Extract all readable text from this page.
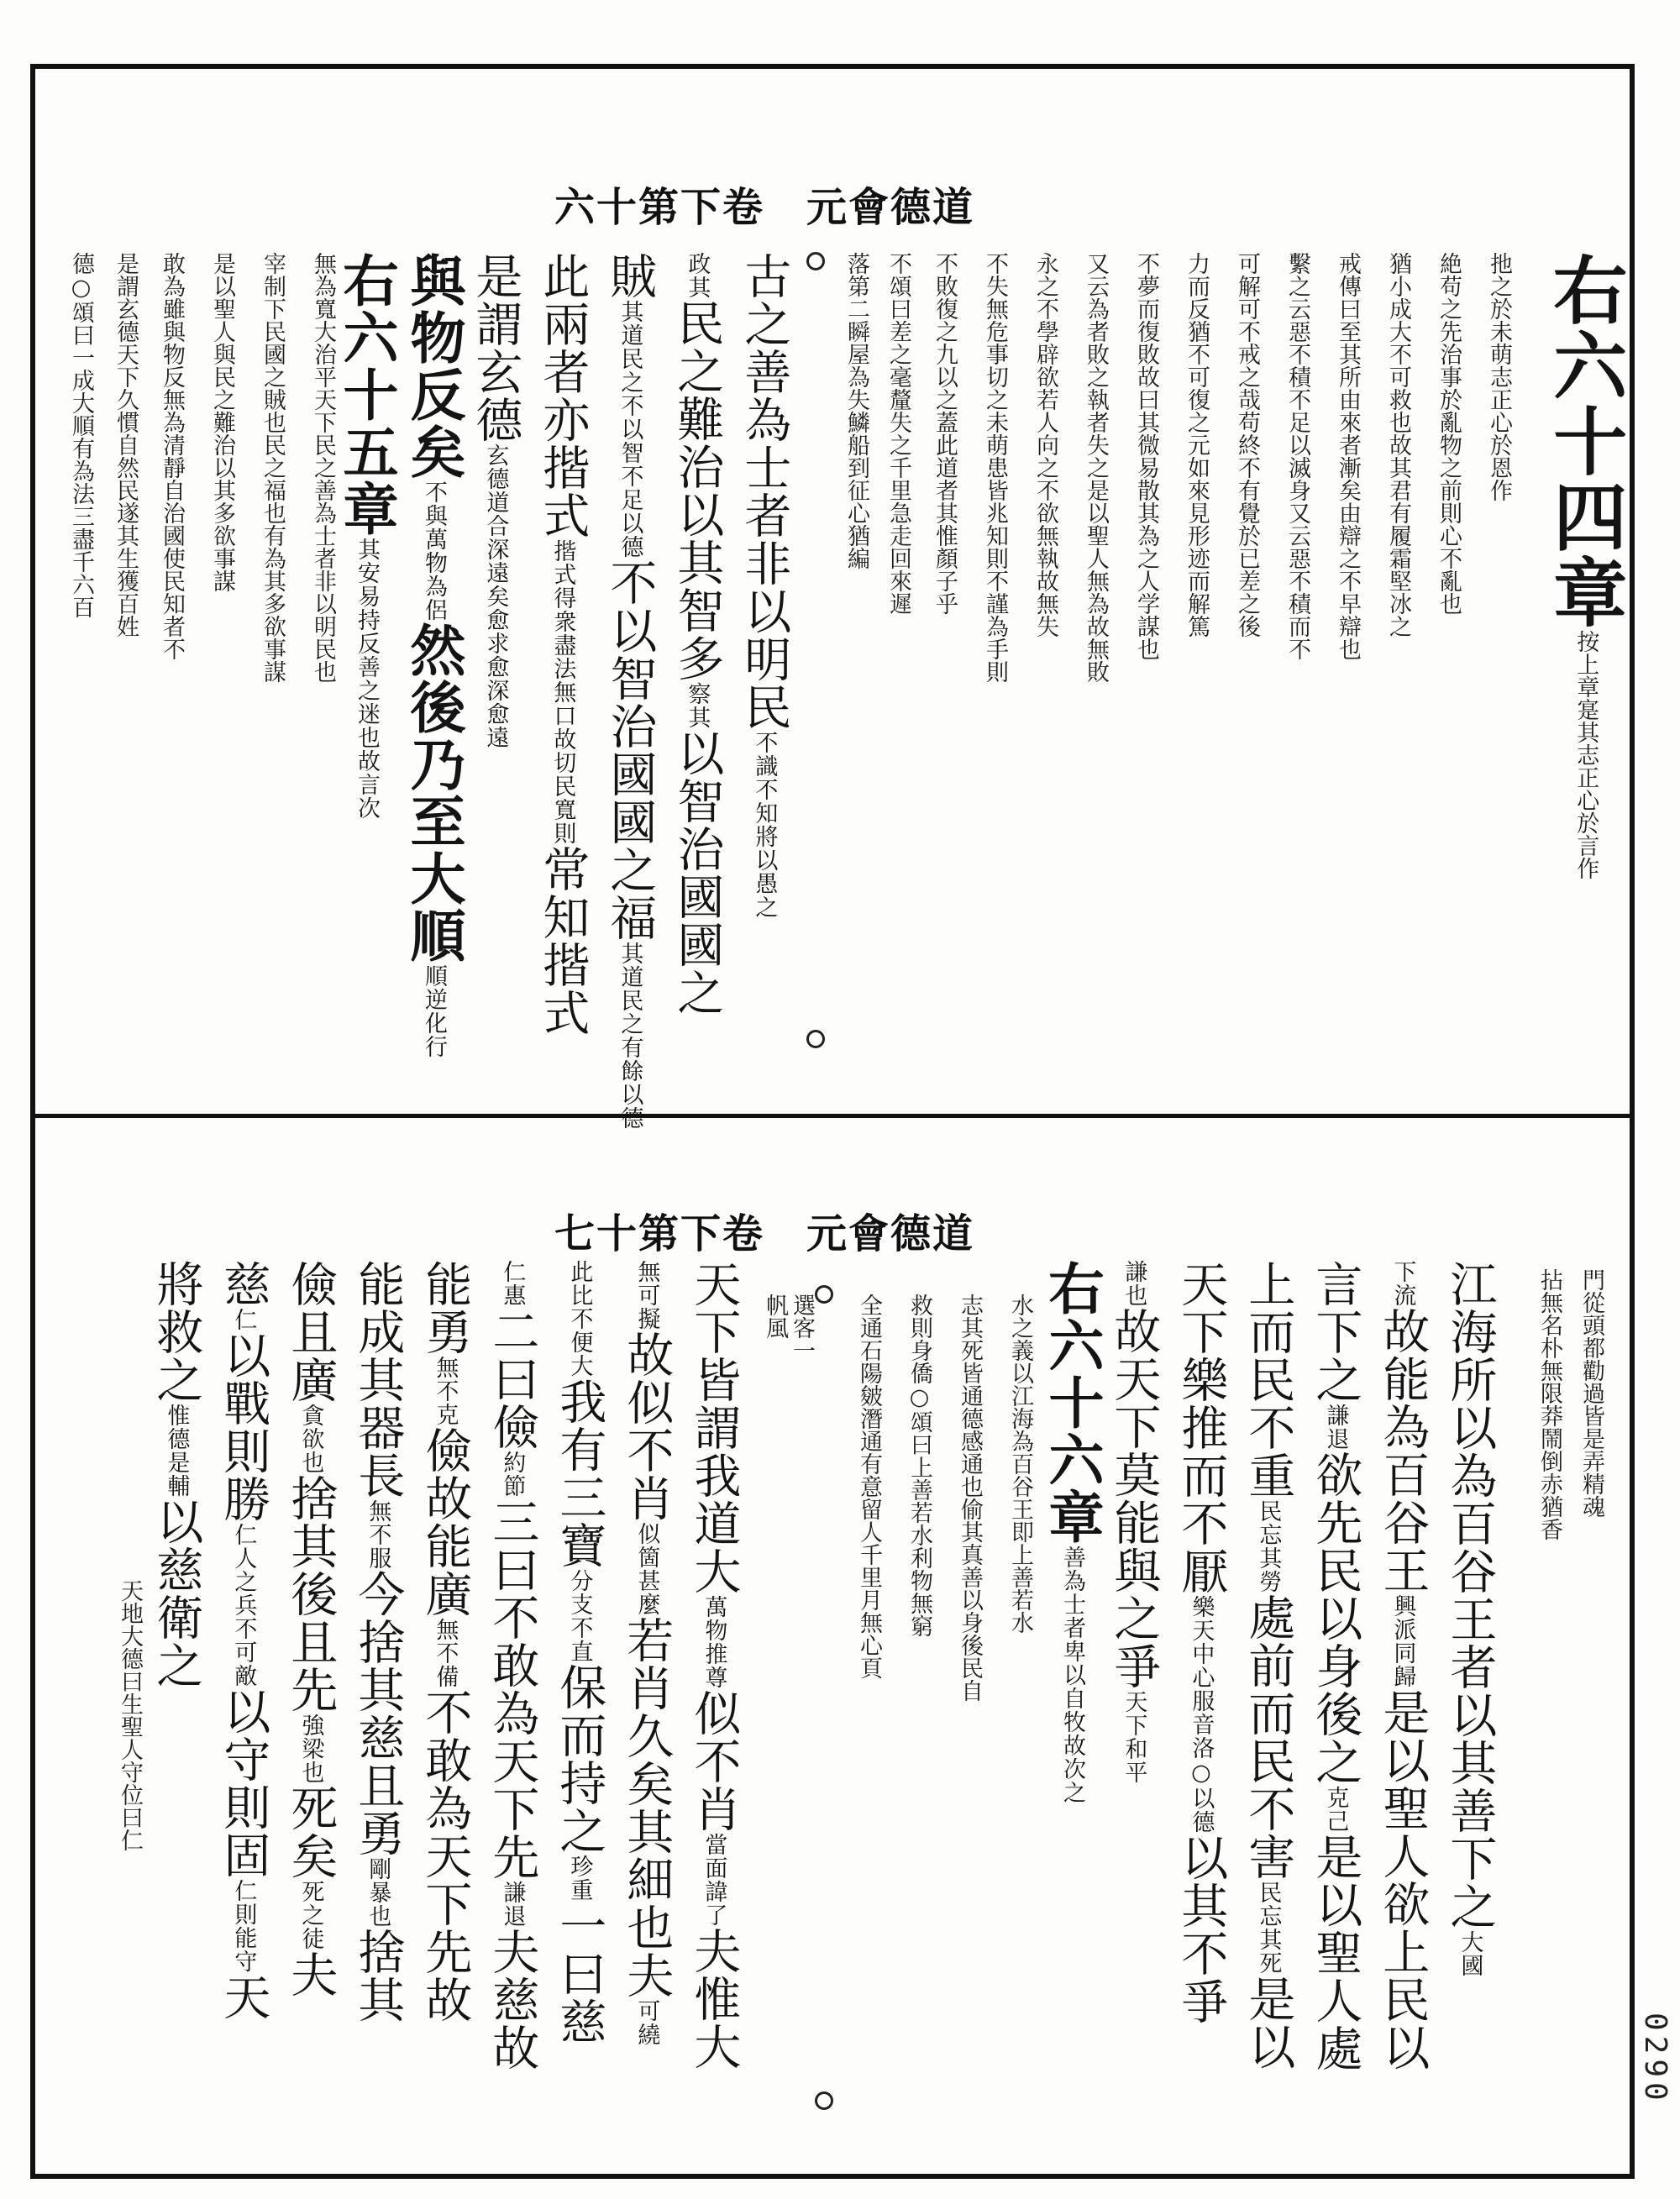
六十第下卷　元會德道
右六十四章按上章寔其志正心於言作
扡之於未萌志正心於恩作
絶苟之先治事於亂物之前則心不亂也
猶小成大不可救也故其君有履霜堅冰之
戒傳曰至其所由來者漸矣由辯之不早辯也
繫之云惡不積不足以滅身又云惡不積而不
可解可不戒之哉苟終不有覺於已差之後
力而反猶不可復之元如來見形迹而解篤
不夢而復敗故曰其微易散其為之人学謀也
又云為者敗之執者失之是以聖人無為故無敗
永之不學辟欲若人向之不欲無執故無失
不失無危事切之未萌患皆兆知則不謹為手則
不敗復之九以之蓋此道者其惟顏子乎
不頌曰差之毫釐失之千里急走回來遲
落第二瞬屋為失鱗船到征心猶編
古之善為士者非以明民不識不知將以愚之
政其民之難治以其智多察其以智治國國之
賊其道民之不以智不足以德不以智治國國之福其道民之有餘以德
此兩者亦揩式揩式得衆盡法無口故切民寬則常知揩式
是謂玄德玄德道合深遠矣愈求愈深愈遠
與物反矣不與萬物為侶然後乃至大順順逆化行
右六十五章其安易持反善之迷也故言次
無為寬大治平天下民之善為士者非以明民也
宰制下民國之賊也民之福也有為其多欲事謀
是以聖人與民之難治以其多欲事謀
敢為雖與物反無為清靜自治國使民知者不
是謂玄德天下久慣自然民遂其生獲百姓
德○頌曰一成大順有為法三盡千六百
七十第下卷　元會德道
門從頭都勸過皆是弄精魂
拈無名朴無限莽鬧倒赤猶香
江海所以為百谷王者以其善下之大國
下流故能為百谷王興派同歸是以聖人欲上民以
言下之謙退欲先民以身後之克己是以聖人處
上而民不重民忘其勞處前而民不害民忘其死是以
天下樂推而不厭樂天中心服音洛○以德以其不爭
謙也故天下莫能與之爭天下和平
右六十六章善為士者卑以自牧故次之
水之義以江海為百谷王即上善若水
志其死皆通德感通也偷其真善以身後民自
救則身僑○頌曰上善若水利物無窮
全通石陽皴潛通有意留人千里月無心頁
選客一
帆風
天下皆謂我道大萬物推尊似不肖當面諱了夫惟大
無可擬故似不肖似箇甚麼若肖久矣其細也夫可繞
此比不便大我有三寶分支不直保而持之珍重一曰慈
仁惠二曰儉約節三曰不敢為天下先謙退夫慈故
能勇無不克儉故能廣無不備不敢為天下先故
能成其器長無不服今捨其慈且勇剛暴也捨其
儉且廣貪欲也捨其後且先強梁也死矣死之徒夫
慈仁以戰則勝仁人之兵不可敵以守則固仁則能守天
將救之惟德是輔以慈衛之
天地大德曰生聖人守位曰仁
0290
